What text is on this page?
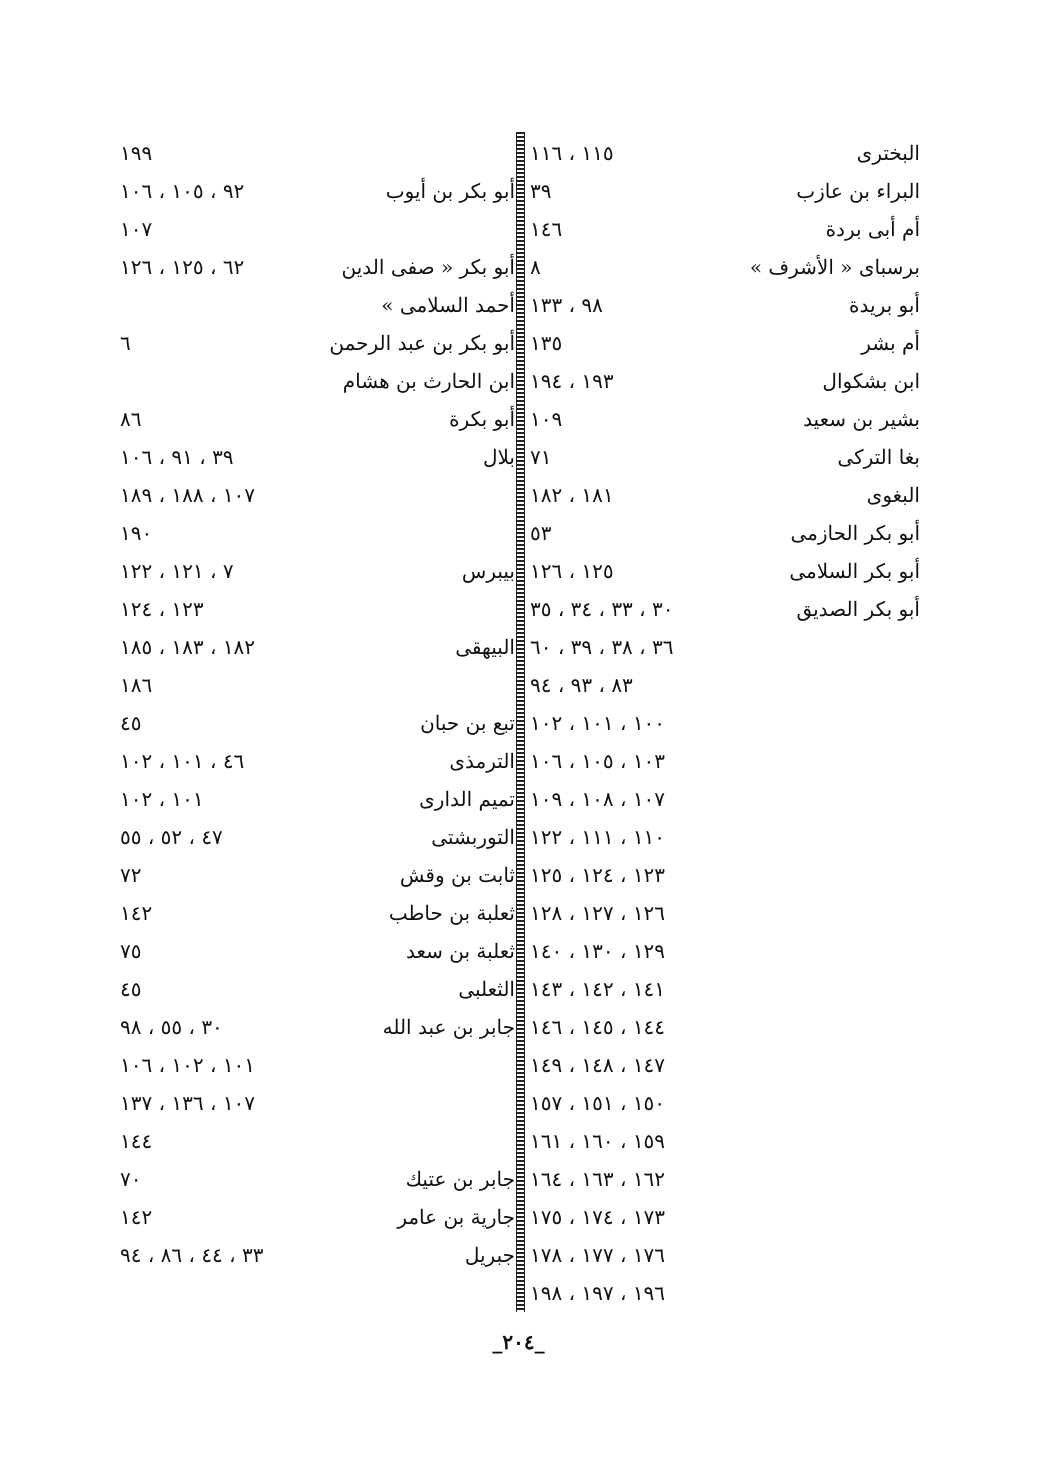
البخترى
١١٥ ، ١١٦
البراء بن عازب
٣٩
أم أبى بردة
١٤٦
برسباى « الأشرف »
٨
أبو بريدة
٩٨ ، ١٣٣
أم بشر
١٣٥
ابن بشكوال
١٩٣ ، ١٩٤
بشير بن سعيد
١٠٩
بغا التركى
٧١
البغوى
١٨١ ، ١٨٢
أبو بكر الحازمى
٥٣
أبو بكر السلامى
١٢٥ ، ١٢٦
أبو بكر الصديق
٣٠ ، ٣٣ ، ٣٤ ، ٣٥
٣٦ ، ٣٨ ، ٣٩ ، ٦٠
٨٣ ، ٩٣ ، ٩٤
١٠٠ ، ١٠١ ، ١٠٢
١٠٣ ، ١٠٥ ، ١٠٦
١٠٧ ، ١٠٨ ، ١٠٩
١١٠ ، ١١١ ، ١٢٢
١٢٣ ، ١٢٤ ، ١٢٥
١٢٦ ، ١٢٧ ، ١٢٨
١٢٩ ، ١٣٠ ، ١٤٠
١٤١ ، ١٤٢ ، ١٤٣
١٤٤ ، ١٤٥ ، ١٤٦
١٤٧ ، ١٤٨ ، ١٤٩
١٥٠ ، ١٥١ ، ١٥٧
١٥٩ ، ١٦٠ ، ١٦١
١٦٢ ، ١٦٣ ، ١٦٤
١٧٣ ، ١٧٤ ، ١٧٥
١٧٦ ، ١٧٧ ، ١٧٨
١٩٦ ، ١٩٧ ، ١٩٨
١٩٩
أبو بكر بن أيوب
٩٢ ، ١٠٥ ، ١٠٦
١٠٧
أبو بكر « صفى الدين
٦٢ ، ١٢٥ ، ١٢٦
أحمد السلامى »
أبو بكر بن عبد الرحمن
٦
ابن الحارث بن هشام
أبو بكرة
٨٦
بلال
٣٩ ، ٩١ ، ١٠٦
١٠٧ ، ١٨٨ ، ١٨٩
١٩٠
بيبرس
٧ ، ١٢١ ، ١٢٢
١٢٣ ، ١٢٤
البيهقى
١٨٢ ، ١٨٣ ، ١٨٥
١٨٦
تبع بن حبان
٤٥
الترمذى
٤٦ ، ١٠١ ، ١٠٢
تميم الدارى
١٠١ ، ١٠٢
التوربشتى
٤٧ ، ٥٢ ، ٥٥
ثابت بن وقش
٧٢
ثعلبة بن حاطب
١٤٢
ثعلبة بن سعد
٧٥
الثعلبى
٤٥
جابر بن عبد الله
٣٠ ، ٥٥ ، ٩٨
١٠١ ، ١٠٢ ، ١٠٦
١٠٧ ، ١٣٦ ، ١٣٧
١٤٤
جابر بن عتيك
٧٠
جارية بن عامر
١٤٢
جبريل
٣٣ ، ٤٤ ، ٨٦ ، ٩٤
_٢٠٤_
